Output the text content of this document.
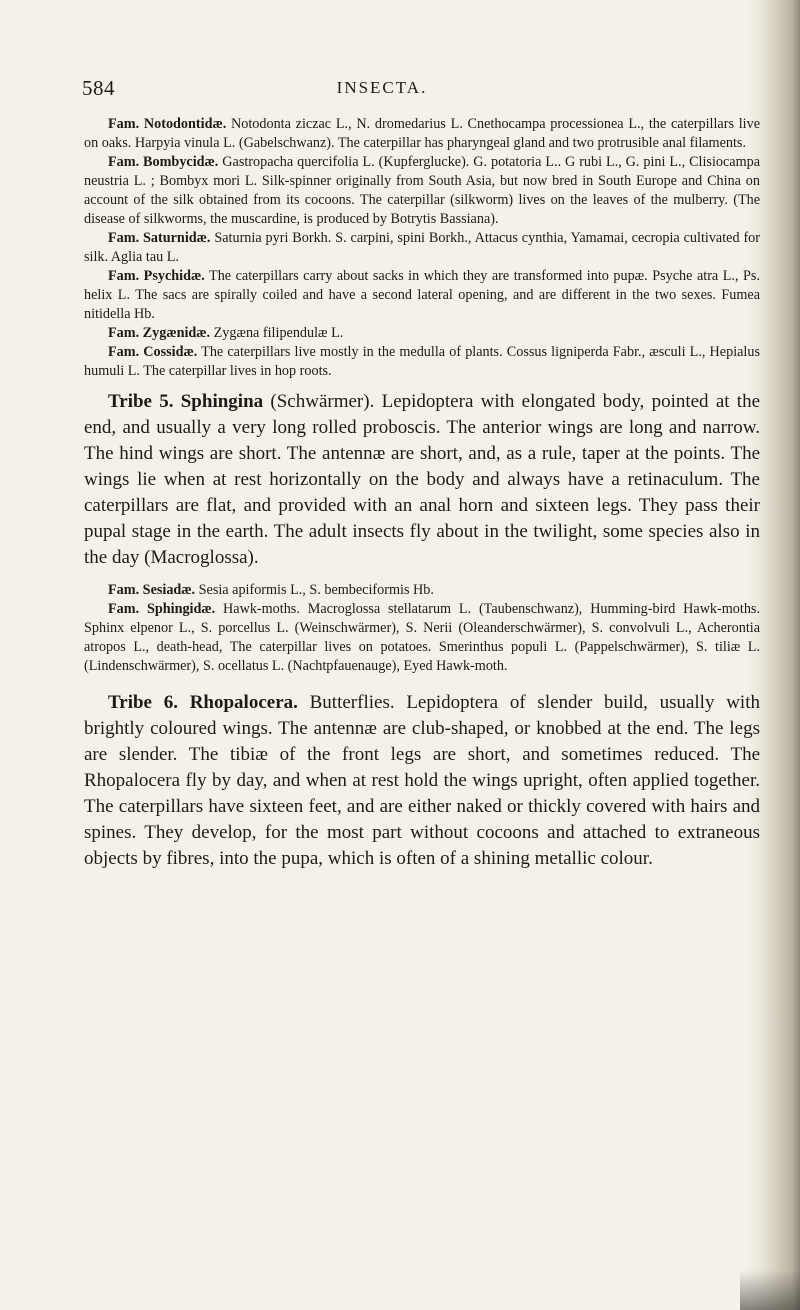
584	INSECTA.

Fam. Notodontidæ. Notodonta ziczac L., N. dromedarius L. Cnethocampa processionea L., the caterpillars live on oaks. Harpyia vinula L. (Gabelschwanz). The caterpillar has pharyngeal gland and two protrusible anal filaments.

Fam. Bombycidæ. Gastropacha quercifolia L. (Kupferglucke). G. potatoria L.. G rubi L., G. pini L., Clisiocampa neustria L. ; Bombyx mori L. Silk-spinner originally from South Asia, but now bred in South Europe and China on account of the silk obtained from its cocoons. The caterpillar (silkworm) lives on the leaves of the mulberry. (The disease of silkworms, the muscardine, is produced by Botrytis Bassiana).

Fam. Saturnidæ. Saturnia pyri Borkh. S. carpini, spini Borkh., Attacus cynthia, Yamamai, cecropia cultivated for silk. Aglia tau L.

Fam. Psychidæ. The caterpillars carry about sacks in which they are transformed into pupæ. Psyche atra L., Ps. helix L. The sacs are spirally coiled and have a second lateral opening, and are different in the two sexes. Fumea nitidella Hb.

Fam. Zygænidæ. Zygæna filipendulæ L.

Fam. Cossidæ. The caterpillars live mostly in the medulla of plants. Cossus ligniperda Fabr., æsculi L., Hepialus humuli L. The caterpillar lives in hop roots.

Tribe 5. Sphingina (Schwärmer). Lepidoptera with elongated body, pointed at the end, and usually a very long rolled proboscis. The anterior wings are long and narrow. The hind wings are short. The antennæ are short, and, as a rule, taper at the points. The wings lie when at rest horizontally on the body and always have a retinaculum. The caterpillars are flat, and provided with an anal horn and sixteen legs. They pass their pupal stage in the earth. The adult insects fly about in the twilight, some species also in the day (Macroglossa).

Fam. Sesiadæ. Sesia apiformis L., S. bembeciformis Hb.

Fam. Sphingidæ. Hawk-moths. Macroglossa stellatarum L. (Taubenschwanz), Humming-bird Hawk-moths. Sphinx elpenor L., S. porcellus L. (Weinschwärmer), S. Nerii (Oleanderschwärmer), S. convolvuli L., Acherontia atropos L., death-head, The caterpillar lives on potatoes. Smerinthus populi L. (Pappelschwärmer), S. tiliæ L. (Lindenschwärmer), S. ocellatus L. (Nachtpfauenauge), Eyed Hawk-moth.

Tribe 6. Rhopalocera. Butterflies. Lepidoptera of slender build, usually with brightly coloured wings. The antennæ are club-shaped, or knobbed at the end. The legs are slender. The tibiæ of the front legs are short, and sometimes reduced. The Rhopalocera fly by day, and when at rest hold the wings upright, often applied together. The caterpillars have sixteen feet, and are either naked or thickly covered with hairs and spines. They develop, for the most part without cocoons and attached to extraneous objects by fibres, into the pupa, which is often of a shining metallic colour.
